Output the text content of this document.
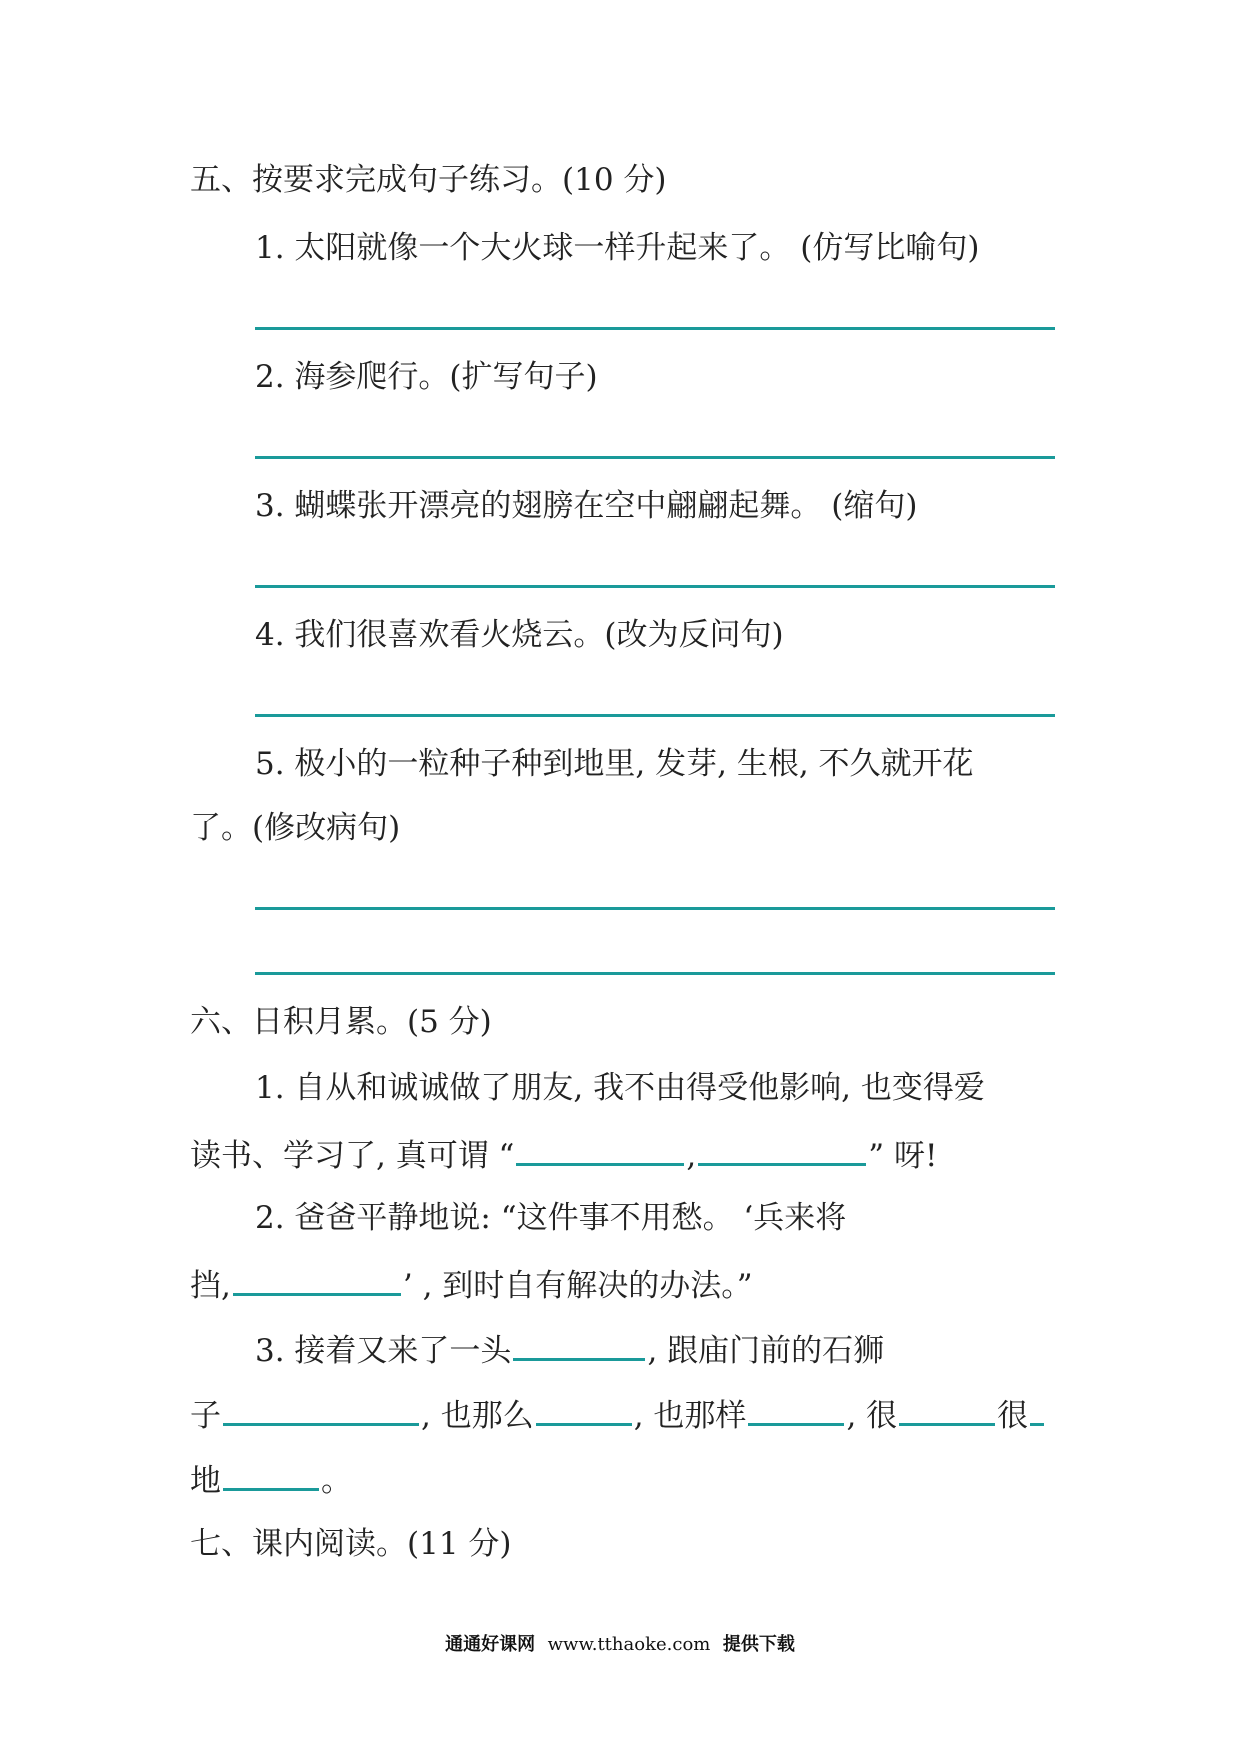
五、按要求完成句子练习。(10 分)
1. 太阳就像一个大火球一样升起来了。 (仿写比喻句)
2. 海参爬行。(扩写句子)
3. 蝴蝶张开漂亮的翅膀在空中翩翩起舞。 (缩句)
4. 我们很喜欢看火烧云。(改为反问句)
5. 极小的一粒种子种到地里, 发芽, 生根, 不久就开花
了。(修改病句)
六、日积月累。(5 分)
1. 自从和诚诚做了朋友, 我不由得受他影响, 也变得爱
读书、学习了, 真可谓 “	,	” 呀!
2. 爸爸平静地说: “这件事不用愁。 ‘兵来将
挡,	’ , 到时自有解决的办法。”
3. 接着又来了一头	, 跟庙门前的石狮
子	, 也那么	, 也那样	, 很	很
地	。
七、课内阅读。(11 分)
通通好课网 www.tthaoke.com 提供下载
